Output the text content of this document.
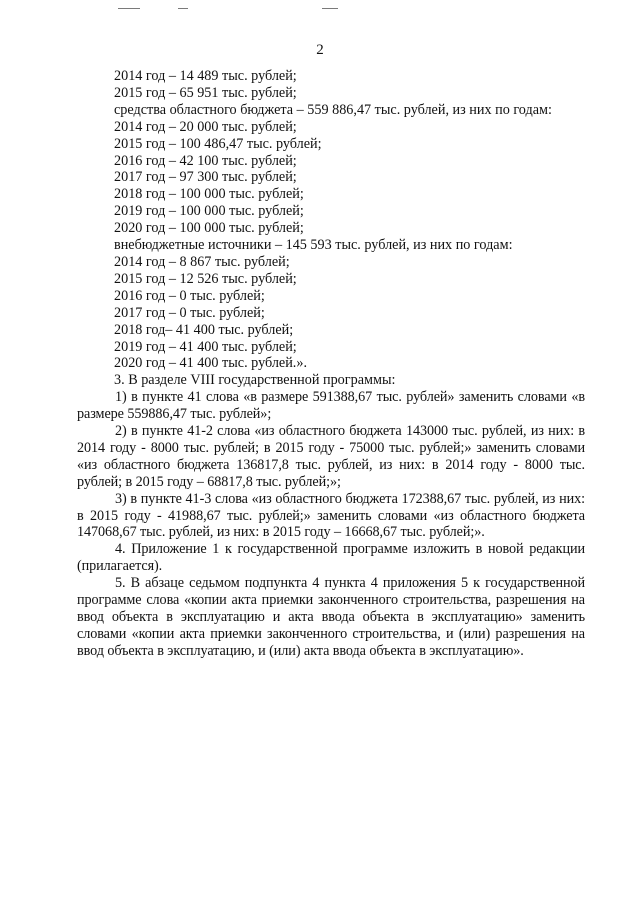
2
2014 год – 14 489 тыс. рублей;
2015 год – 65 951 тыс. рублей;
средства областного бюджета – 559 886,47 тыс. рублей, из них по годам:
2014 год – 20 000 тыс. рублей;
2015 год – 100 486,47 тыс. рублей;
2016 год – 42 100 тыс. рублей;
2017 год – 97 300 тыс. рублей;
2018 год – 100 000 тыс. рублей;
2019 год – 100 000 тыс. рублей;
2020 год – 100 000 тыс. рублей;
внебюджетные источники – 145 593 тыс. рублей, из них по годам:
2014 год – 8 867 тыс. рублей;
2015 год – 12 526 тыс. рублей;
2016 год – 0 тыс. рублей;
2017 год – 0 тыс. рублей;
2018 год– 41 400 тыс. рублей;
2019 год – 41 400 тыс. рублей;
2020 год – 41 400 тыс. рублей.».
3. В разделе VIII государственной программы:

1) в пункте 41 слова «в размере 591388,67 тыс. рублей» заменить словами «в размере 559886,47 тыс. рублей»;

2) в пункте 41-2 слова «из областного бюджета 143000 тыс. рублей, из них: в 2014 году - 8000 тыс. рублей; в 2015 году - 75000 тыс. рублей;» заменить словами «из областного бюджета 136817,8 тыс. рублей, из них: в 2014 году - 8000 тыс. рублей; в 2015 году – 68817,8 тыс. рублей;»;

3) в пункте 41-3 слова «из областного бюджета 172388,67 тыс. рублей, из них: в 2015 году - 41988,67 тыс. рублей;» заменить словами «из областного бюджета 147068,67 тыс. рублей, из них: в 2015 году – 16668,67 тыс. рублей;».

4. Приложение 1 к государственной программе изложить в новой редакции (прилагается).

5. В абзаце седьмом подпункта 4 пункта 4 приложения 5 к государственной программе слова «копии акта приемки законченного строительства, разрешения на ввод объекта в эксплуатацию и акта ввода объекта в эксплуатацию» заменить словами «копии акта приемки законченного строительства, и (или) разрешения на ввод объекта в эксплуатацию, и (или) акта ввода объекта в эксплуатацию».
